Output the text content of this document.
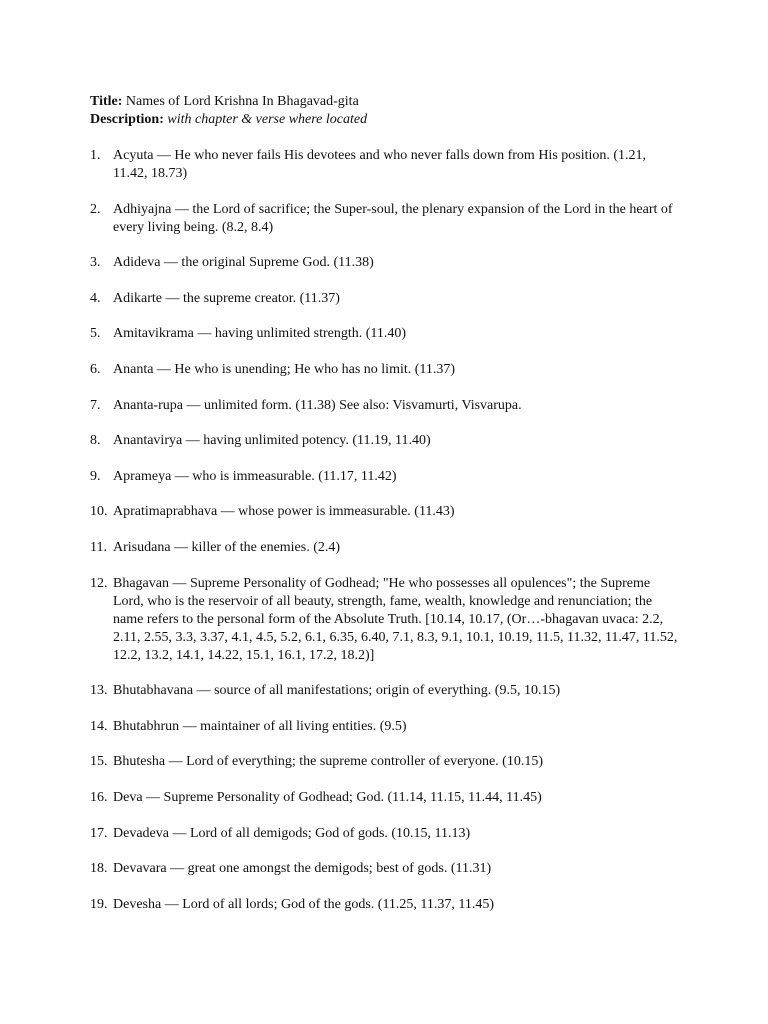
Title: Names of Lord Krishna In Bhagavad-gita

Description: with chapter & verse where located

1. Acyuta — He who never fails His devotees and who never falls down from His position. (1.21, 11.42, 18.73)
2. Adhiyajna — the Lord of sacrifice; the Super-soul, the plenary expansion of the Lord in the heart of every living being. (8.2, 8.4)
3. Adideva — the original Supreme God. (11.38)
4. Adikarte — the supreme creator. (11.37)
5. Amitavikrama — having unlimited strength. (11.40)
6. Ananta — He who is unending; He who has no limit. (11.37)
7. Ananta-rupa — unlimited form. (11.38) See also: Visvamurti, Visvarupa.
8. Anantavirya — having unlimited potency. (11.19, 11.40)
9. Aprameya — who is immeasurable. (11.17, 11.42)
10. Apratimaprabhava — whose power is immeasurable. (11.43)
11. Arisudana — killer of the enemies. (2.4)
12. Bhagavan — Supreme Personality of Godhead; "He who possesses all opulences"; the Supreme Lord, who is the reservoir of all beauty, strength, fame, wealth, knowledge and renunciation; the name refers to the personal form of the Absolute Truth. [10.14, 10.17, (Or…-bhagavan uvaca: 2.2, 2.11, 2.55, 3.3, 3.37, 4.1, 4.5, 5.2, 6.1, 6.35, 6.40, 7.1, 8.3, 9.1, 10.1, 10.19, 11.5, 11.32, 11.47, 11.52, 12.2, 13.2, 14.1, 14.22, 15.1, 16.1, 17.2, 18.2)]
13. Bhutabhavana — source of all manifestations; origin of everything. (9.5, 10.15)
14. Bhutabhrun — maintainer of all living entities. (9.5)
15. Bhutesha — Lord of everything; the supreme controller of everyone. (10.15)
16. Deva — Supreme Personality of Godhead; God. (11.14, 11.15, 11.44, 11.45)
17. Devadeva — Lord of all demigods; God of gods. (10.15, 11.13)
18. Devavara — great one amongst the demigods; best of gods. (11.31)
19. Devesha — Lord of all lords; God of the gods. (11.25, 11.37, 11.45)
